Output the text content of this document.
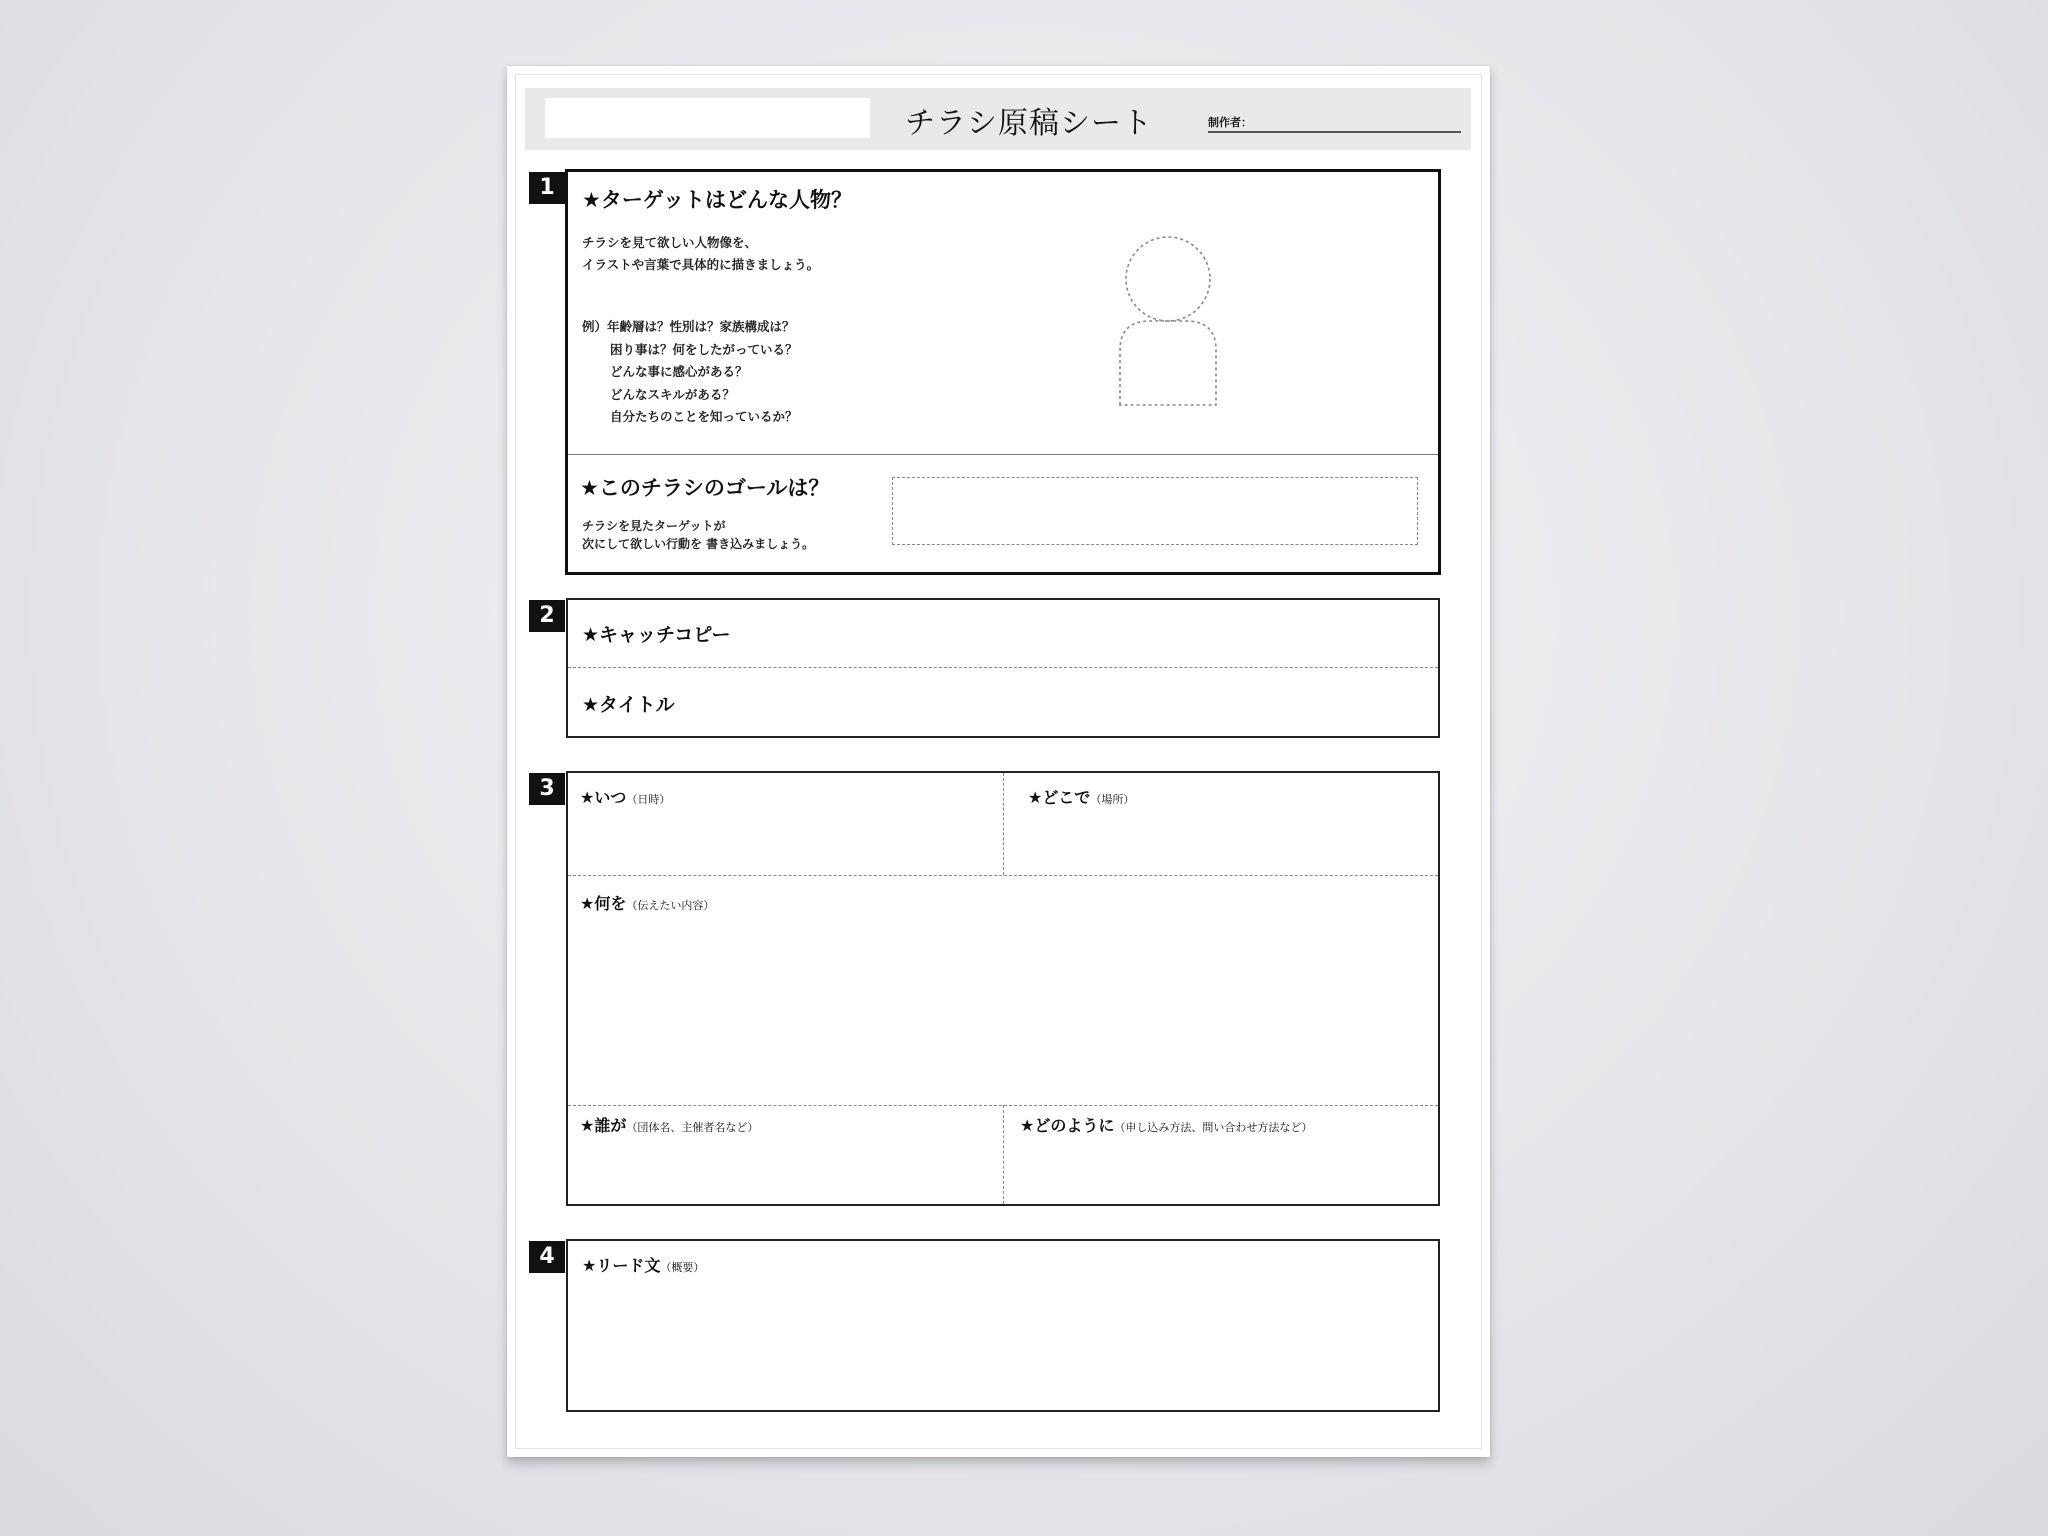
チラシ原稿シート	制作者：
1	★ターゲットはどんな人物？
チラシを見て欲しい人物像を、
イラストや言葉で具体的に描きましょう。
例）年齢層は？性別は？家族構成は？
困り事は？何をしたがっている？
どんな事に感心がある？
どんなスキルがある？
自分たちのことを知っているか？
★このチラシのゴールは？
チラシを見たターゲットが
次にして欲しい行動を 書き込みましょう。
2
★キャッチコピー
★タイトル
3	★いつ（日時）	★どこで（場所）
★何を（伝えたい内容）
★誰が（団体名、主催者名など）	★どのように（申し込み方法、問い合わせ方法など）
4	★リード文（概要）
